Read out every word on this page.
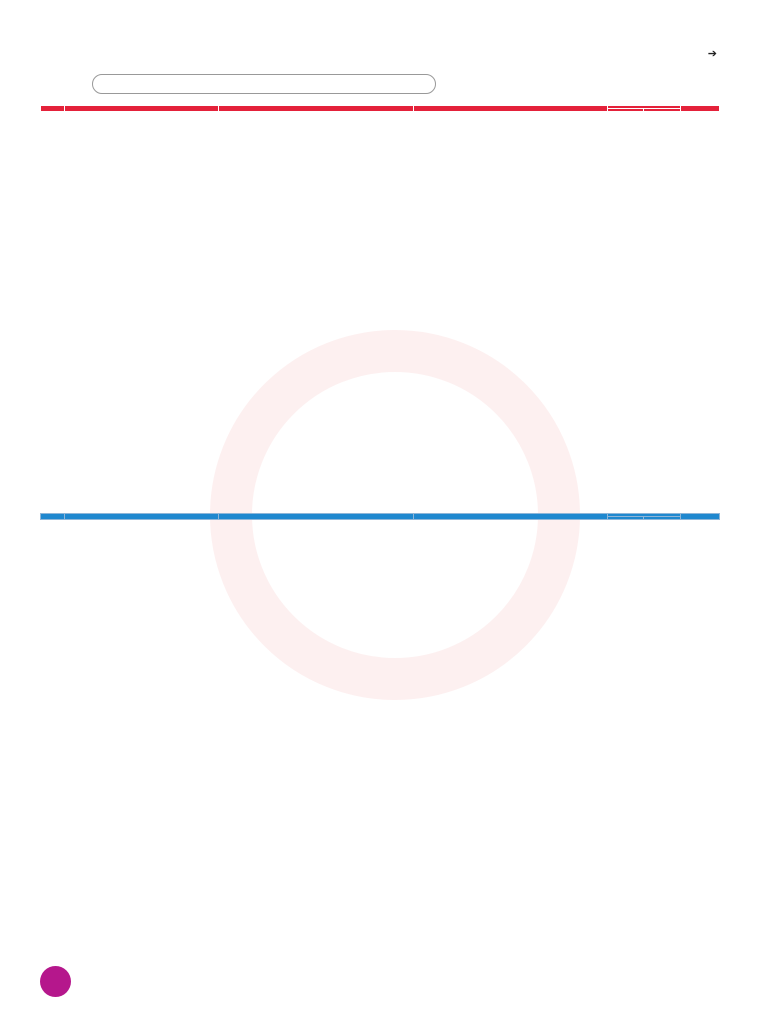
➔
